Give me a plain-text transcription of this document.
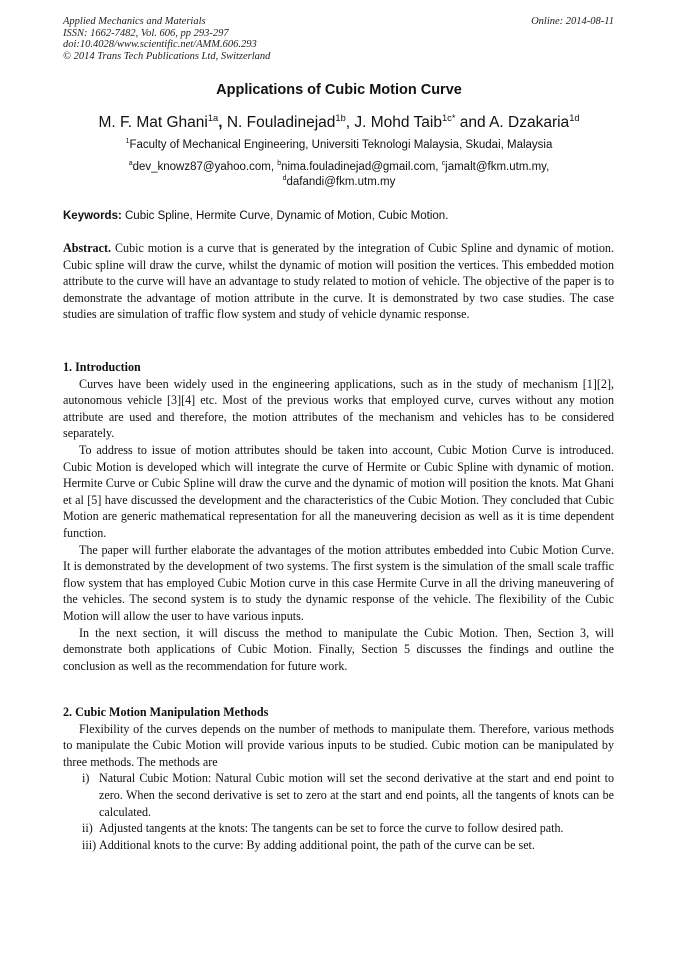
Applied Mechanics and Materials
ISSN: 1662-7482, Vol. 606, pp 293-297
doi:10.4028/www.scientific.net/AMM.606.293
© 2014 Trans Tech Publications Ltd, Switzerland
Online: 2014-08-11
Applications of Cubic Motion Curve
M. F. Mat Ghani$^{1a}$, N. Fouladinejad$^{1b}$, J. Mohd Taib$^{1c*}$ and A. Dzakaria$^{1d}$
$^1$Faculty of Mechanical Engineering, Universiti Teknologi Malaysia, Skudai, Malaysia
$^a$dev_knowz87@yahoo.com, $^b$nima.fouladinejad@gmail.com, $^c$jamalt@fkm.utm.my,
$^d$dafandi@fkm.utm.my
Keywords: Cubic Spline, Hermite Curve, Dynamic of Motion, Cubic Motion.
Abstract. Cubic motion is a curve that is generated by the integration of Cubic Spline and dynamic of motion. Cubic spline will draw the curve, whilst the dynamic of motion will position the vertices. This embedded motion attribute to the curve will have an advantage to study related to motion of vehicle. The objective of the paper is to demonstrate the advantage of motion attribute in the curve. It is demonstrated by two case studies. The case studies are simulation of traffic flow system and study of vehicle dynamic response.
1. Introduction

Curves have been widely used in the engineering applications, such as in the study of mechanism [1][2], autonomous vehicle [3][4] etc. Most of the previous works that employed curve, curves without any motion attribute are used and therefore, the motion attributes of the mechanism and vehicles has to be considered separately.

To address to issue of motion attributes should be taken into account, Cubic Motion Curve is introduced. Cubic Motion is developed which will integrate the curve of Hermite or Cubic Spline with dynamic of motion. Hermite Curve or Cubic Spline will draw the curve and the dynamic of motion will position the knots. Mat Ghani et al [5] have discussed the development and the characteristics of the Cubic Motion. They concluded that Cubic Motion are generic mathematical representation for all the maneuvering decision as well as it is time dependent function.

The paper will further elaborate the advantages of the motion attributes embedded into Cubic Motion Curve. It is demonstrated by the development of two systems. The first system is the simulation of the small scale traffic flow system that has employed Cubic Motion curve in this case Hermite Curve in all the driving maneuvering of the vehicles. The second system is to study the dynamic response of the vehicle. The flexibility of the Cubic Motion will allow the user to have various inputs.

In the next section, it will discuss the method to manipulate the Cubic Motion. Then, Section 3, will demonstrate both applications of Cubic Motion. Finally, Section 5 discusses the findings and outline the conclusion as well as the recommendation for future work.

2. Cubic Motion Manipulation Methods

Flexibility of the curves depends on the number of methods to manipulate them. Therefore, various methods to manipulate the Cubic Motion will provide various inputs to be studied. Cubic motion can be manipulated by three methods. The methods are

i) Natural Cubic Motion: Natural Cubic motion will set the second derivative at the start and end point to zero. When the second derivative is set to zero at the start and end points, all the tangents of knots can be calculated.
ii) Adjusted tangents at the knots: The tangents can be set to force the curve to follow desired path.
iii) Additional knots to the curve: By adding additional point, the path of the curve can be set.
